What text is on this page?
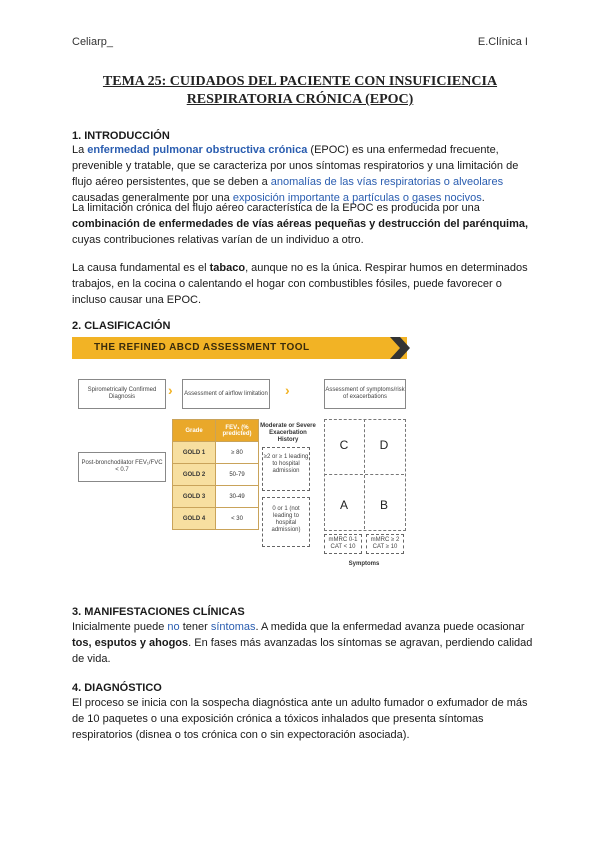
Celiarp_	E.Clínica I
TEMA 25: CUIDADOS DEL PACIENTE CON INSUFICIENCIA
RESPIRATORIA CRÓNICA (EPOC)
1. INTRODUCCIÓN
La enfermedad pulmonar obstructiva crónica (EPOC) es una enfermedad frecuente, prevenible y tratable, que se caracteriza por unos síntomas respiratorios y una limitación de flujo aéreo persistentes, que se deben a anomalías de las vías respiratorias o alveolares causadas generalmente por una exposición importante a partículas o gases nocivos.
La limitación crónica del flujo aéreo característica de la EPOC es producida por una combinación de enfermedades de vías aéreas pequeñas y destrucción del parénquima, cuyas contribuciones relativas varían de un individuo a otro.
La causa fundamental es el tabaco, aunque no es la única. Respirar humos en determinados trabajos, en la cocina o calentando el hogar con combustibles fósiles, puede favorecer o incluso causar una EPOC.
2. CLASIFICACIÓN
THE REFINED ABCD ASSESSMENT TOOL
Spirometrically Confirmed Diagnosis	›	Assessment of airflow limitation ›	Assessment of symptoms/risk of exacerbations
Post-bronchodilator FEV₁/FVC < 0.7
Grade	FEV₁ (% predicted)
GOLD 1	≥ 80
GOLD 2	50-79
GOLD 3	30-49
GOLD 4	< 30
Moderate or Severe Exacerbation History
≥2 or ≥ 1 leading to hospital admission
0 or 1 (not leading to hospital admission)
C	D
A	B
mMRC 0-1 CAT < 10
mMRC ≥ 2 CAT ≥ 10
Symptoms
3. MANIFESTACIONES CLÍNICAS
Inicialmente puede no tener síntomas. A medida que la enfermedad avanza puede ocasionar tos, esputos y ahogos. En fases más avanzadas los síntomas se agravan, perdiendo calidad de vida.
4. DIAGNÓSTICO
El proceso se inicia con la sospecha diagnóstica ante un adulto fumador o exfumador de más de 10 paquetes o una exposición crónica a tóxicos inhalados que presenta síntomas respiratorios (disnea o tos crónica con o sin expectoración asociada).
